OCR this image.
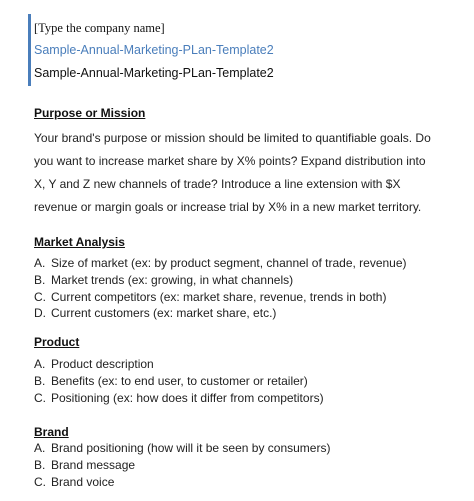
[Type the company name]
Sample-Annual-Marketing-PLan-Template2
Sample-Annual-Marketing-PLan-Template2
Purpose or Mission

Your brand's purpose or mission should be limited to quantifiable goals. Do you want to increase market share by X% points? Expand distribution into X, Y and Z new channels of trade? Introduce a line extension with $X revenue or margin goals or increase trial by X% in a new market territory.

Market Analysis
A. Size of market (ex: by product segment, channel of trade, revenue)
B. Market trends (ex: growing, in what channels)
C. Current competitors (ex: market share, revenue, trends in both)
D. Current customers (ex: market share, etc.)
Product
A. Product description
B. Benefits (ex: to end user, to customer or retailer)
C. Positioning (ex: how does it differ from competitors)
Brand
A. Brand positioning (how will it be seen by consumers)
B. Brand message
C. Brand voice
